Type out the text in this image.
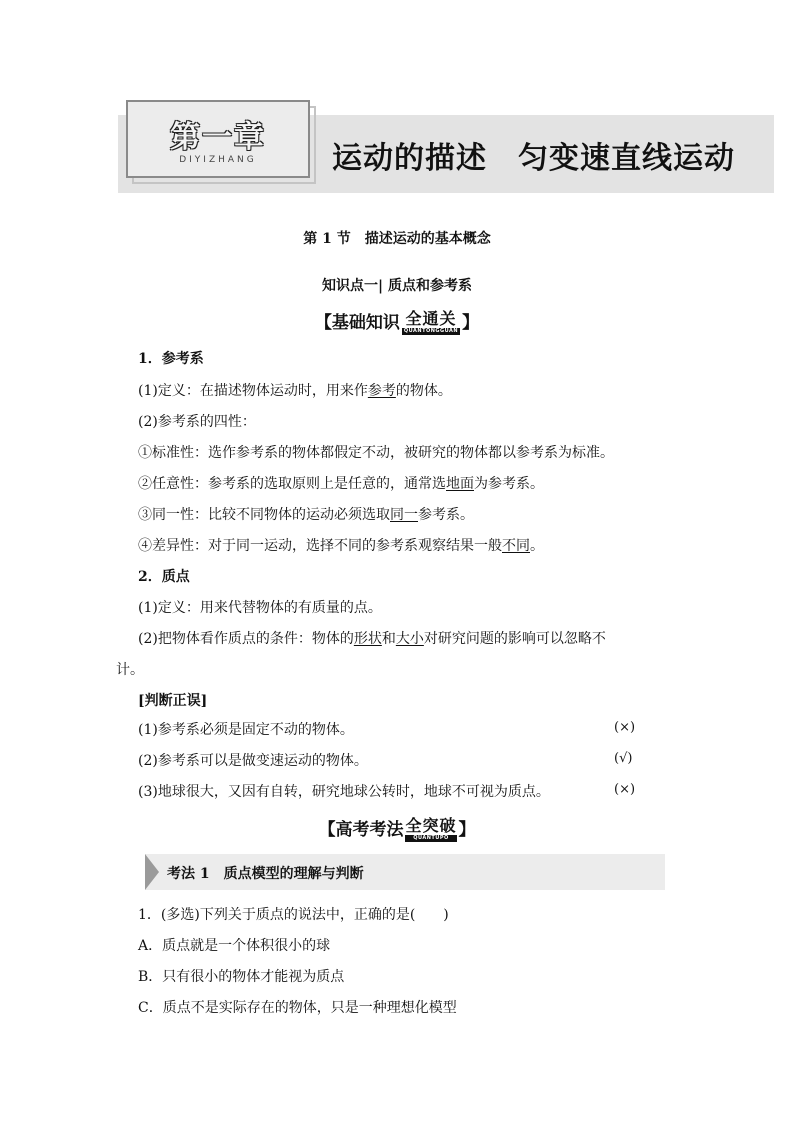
第一章
DIYIZHANG	运动的描述　匀变速直线运动
第 1 节　描述运动的基本概念
知识点一| 质点和参考系
【基础知识 全通关
QUANTONGGUAN 】
1．参考系
(1)定义：在描述物体运动时，用来作参考的物体。
(2)参考系的四性：
①标准性：选作参考系的物体都假定不动，被研究的物体都以参考系为标准。
②任意性：参考系的选取原则上是任意的，通常选地面为参考系。
③同一性：比较不同物体的运动必须选取同一参考系。
④差异性：对于同一运动，选择不同的参考系观察结果一般不同。
2．质点
(1)定义：用来代替物体的有质量的点。
(2)把物体看作质点的条件：物体的形状和大小对研究问题的影响可以忽略不
计。
[判断正误]
(1)参考系必须是固定不动的物体。	(×)
(2)参考系可以是做变速运动的物体。	(√)
(3)地球很大，又因有自转，研究地球公转时，地球不可视为质点。	(×)
【高考考法 全突破
QUANTUPO 】
考法 1　质点模型的理解与判断
1．(多选)下列关于质点的说法中，正确的是(　　)
A．质点就是一个体积很小的球
B．只有很小的物体才能视为质点
C．质点不是实际存在的物体，只是一种理想化模型
